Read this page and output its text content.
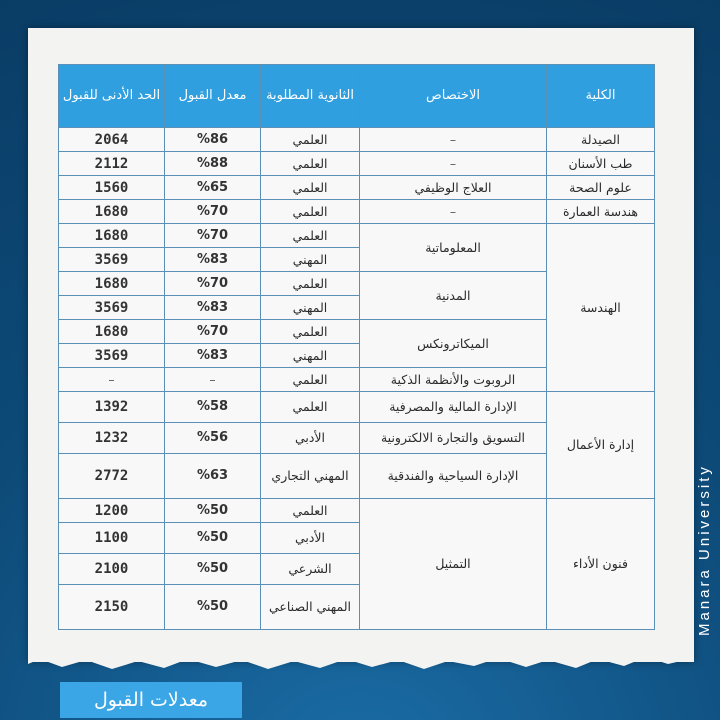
الكلية	الاختصاص	الثانوية المطلوبة	معدل القبول	الحد الأدنى للقبول
الصيدلة	–	العلمي	%86	2064
طب الأسنان	–	العلمي	%88	2112
علوم الصحة	العلاج الوظيفي	العلمي	%65	1560
هندسة العمارة	–	العلمي	%70	1680
الهندسة	المعلوماتية	العلمي	%70	1680
		المهني	%83	3569
	المدنية	العلمي	%70	1680
		المهني	%83	3569
	الميكاترونكس	العلمي	%70	1680
		المهني	%83	3569
	الروبوت والأنظمة الذكية	العلمي	–	–
إدارة الأعمال	الإدارة المالية والمصرفية	العلمي	%58	1392
	التسويق والتجارة الالكترونية	الأدبي	%56	1232
	الإدارة السياحية والفندقية	المهني التجاري	%63	2772
فنون الأداء	التمثيل	العلمي	%50	1200
		الأدبي	%50	1100
		الشرعي	%50	2100
		المهني الصناعي	%50	2150
معدلات القبول
Manara University
